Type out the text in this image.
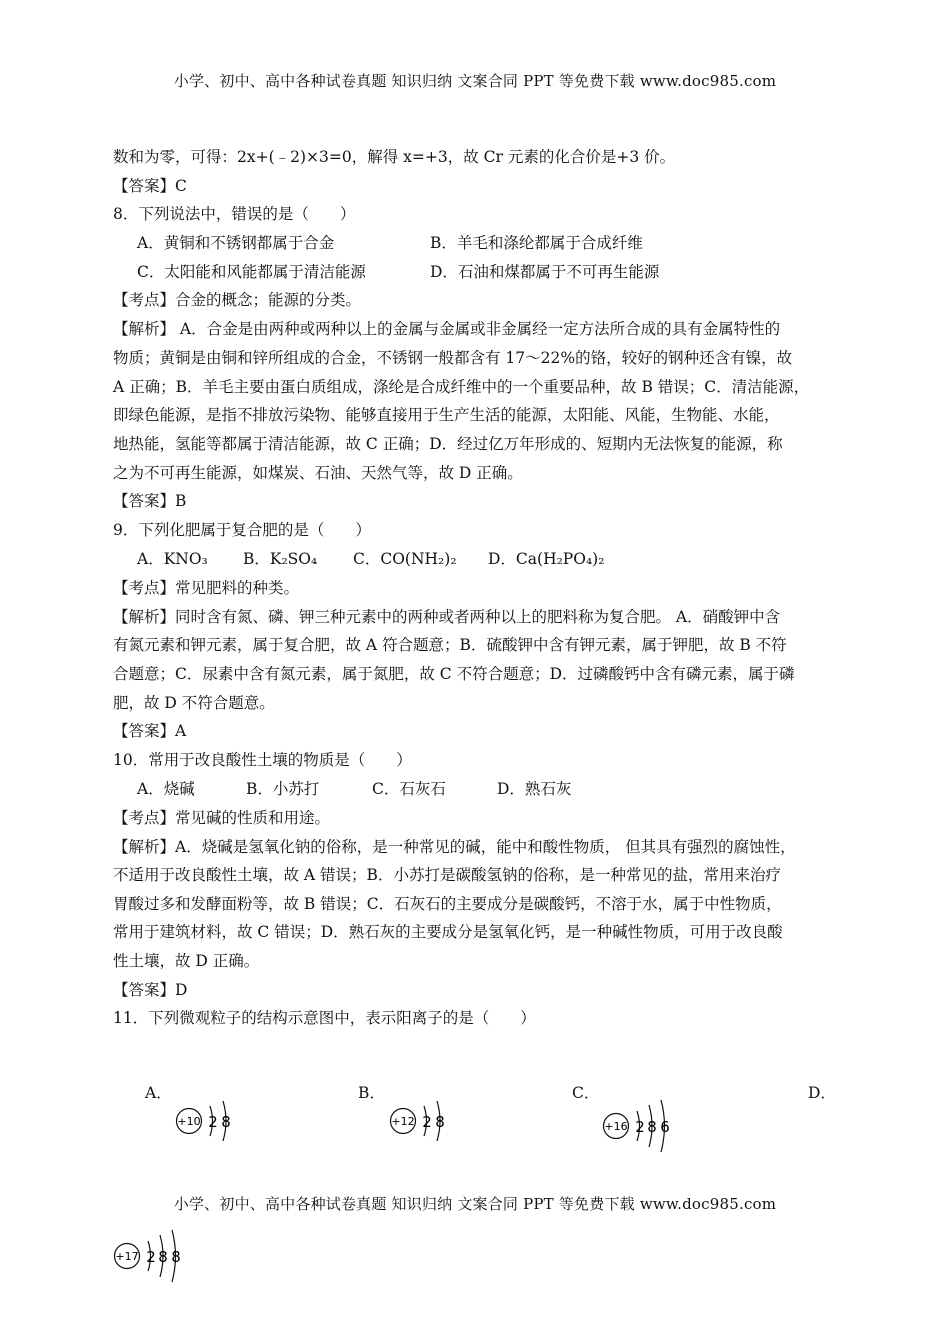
小学、初中、高中各种试卷真题 知识归纳 文案合同 PPT 等免费下载 www.doc985.com
数和为零，可得：2x+(﹣2)×3=0，解得 x=+3，故 Cr 元素的化合价是+3 价。
【答案】C
8．下列说法中，错误的是（　　）
A．黄铜和不锈钢都属于合金	B．羊毛和涤纶都属于合成纤维
C．太阳能和风能都属于清洁能源	D．石油和煤都属于不可再生能源
【考点】合金的概念；能源的分类。
【解析】 A．合金是由两种或两种以上的金属与金属或非金属经一定方法所合成的具有金属特性的
物质；黄铜是由铜和锌所组成的合金，不锈钢一般都含有 17～22%的铬，较好的钢种还含有镍，故
A 正确；B．羊毛主要由蛋白质组成，涤纶是合成纤维中的一个重要品种，故 B 错误；C．清洁能源，
即绿色能源，是指不排放污染物、能够直接用于生产生活的能源，太阳能、风能，生物能、水能，
地热能，氢能等都属于清洁能源，故 C 正确；D．经过亿万年形成的、短期内无法恢复的能源，称
之为不可再生能源，如煤炭、石油、天然气等，故 D 正确。
【答案】B
9．下列化肥属于复合肥的是（　　）
A．KNO₃ B．K₂SO₄ C．CO(NH₂)₂ D．Ca(H₂PO₄)₂
【考点】常见肥料的种类。
【解析】同时含有氮、磷、钾三种元素中的两种或者两种以上的肥料称为复合肥。 A．硝酸钾中含
有氮元素和钾元素，属于复合肥，故 A 符合题意；B．硫酸钾中含有钾元素，属于钾肥，故 B 不符
合题意；C．尿素中含有氮元素，属于氮肥，故 C 不符合题意；D．过磷酸钙中含有磷元素，属于磷
肥，故 D 不符合题意。
【答案】A
10．常用于改良酸性土壤的物质是（　　）
A．烧碱	B．小苏打	C．石灰石	D．熟石灰
【考点】常见碱的性质和用途。
【解析】A．烧碱是氢氧化钠的俗称，是一种常见的碱，能中和酸性物质， 但其具有强烈的腐蚀性，
不适用于改良酸性土壤，故 A 错误；B．小苏打是碳酸氢钠的俗称，是一种常见的盐，常用来治疗
胃酸过多和发酵面粉等，故 B 错误；C．石灰石的主要成分是碳酸钙，不溶于水，属于中性物质，
常用于建筑材料，故 C 错误；D．熟石灰的主要成分是氢氧化钙，是一种碱性物质，可用于改良酸
性土壤，故 D 正确。
【答案】D
11．下列微观粒子的结构示意图中，表示阳离子的是（　　）
A．	B．	C．	D．
+10 2 8	+12 2 8	+16 2 8 6
小学、初中、高中各种试卷真题 知识归纳 文案合同 PPT 等免费下载 www.doc985.com
+17 2 8 8
